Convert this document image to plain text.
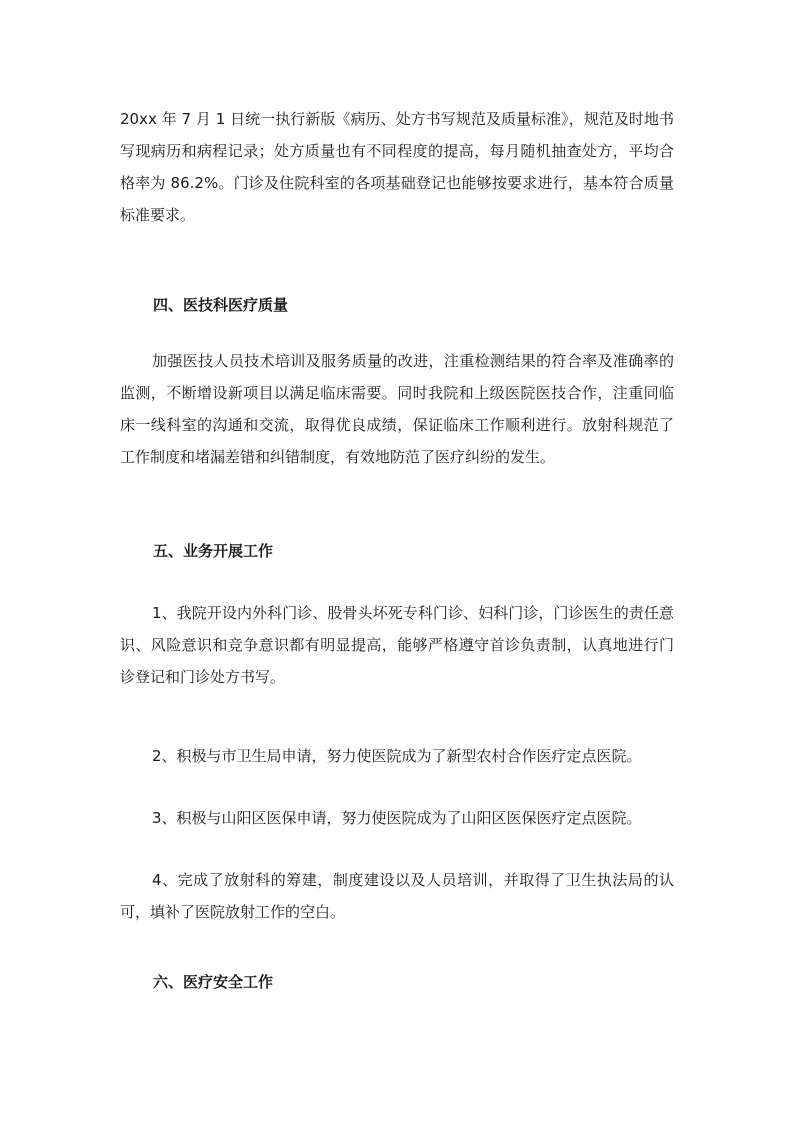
20xx 年 7 月 1 日统一执行新版《病历、处方书写规范及质量标准》，规范及时地书写现病历和病程记录；处方质量也有不同程度的提高，每月随机抽查处方，平均合格率为 86.2%。门诊及住院科室的各项基础登记也能够按要求进行，基本符合质量标准要求。

四、医技科医疗质量

加强医技人员技术培训及服务质量的改进，注重检测结果的符合率及准确率的监测，不断增设新项目以满足临床需要。同时我院和上级医院医技合作，注重同临床一线科室的沟通和交流，取得优良成绩，保证临床工作顺利进行。放射科规范了工作制度和堵漏差错和纠错制度，有效地防范了医疗纠纷的发生。

五、业务开展工作

1、我院开设内外科门诊、股骨头坏死专科门诊、妇科门诊，门诊医生的责任意识、风险意识和竞争意识都有明显提高，能够严格遵守首诊负责制，认真地进行门诊登记和门诊处方书写。

2、积极与市卫生局申请，努力使医院成为了新型农村合作医疗定点医院。

3、积极与山阳区医保申请，努力使医院成为了山阳区医保医疗定点医院。

4、完成了放射科的筹建，制度建设以及人员培训，并取得了卫生执法局的认可，填补了医院放射工作的空白。

六、医疗安全工作
